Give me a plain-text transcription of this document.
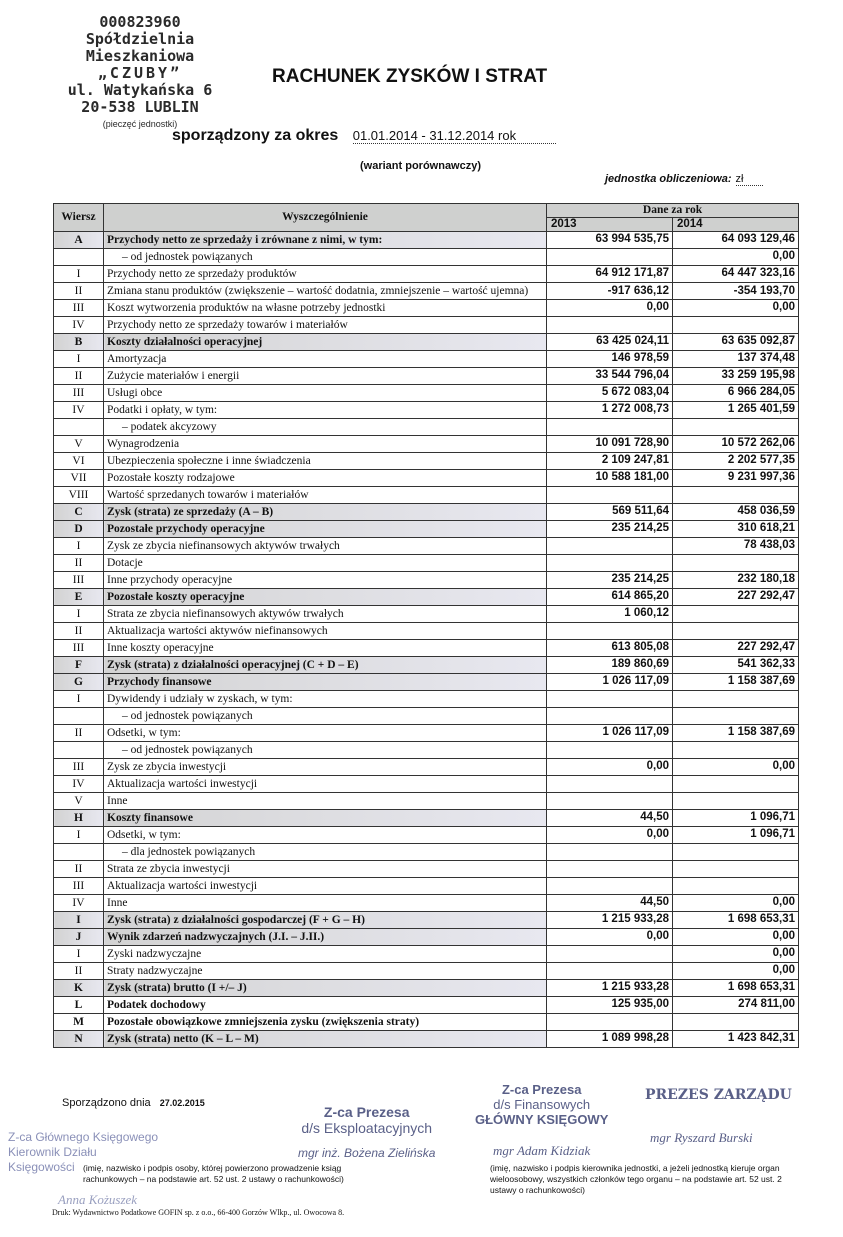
000823960
Spółdzielnia Mieszkaniowa
„CZUBY”
ul. Watykańska 6
20-538 LUBLIN
(pieczęć jednostki)
RACHUNEK ZYSKÓW I STRAT
sporządzony za okres 01.01.2014 - 31.12.2014 rok
(wariant porównawczy)
jednostka obliczeniowa: zł
Wiersz	Wyszczególnienie	Dane za rok	
		2013	2014
A	Przychody netto ze sprzedaży i zrównane z nimi, w tym:	63 994 535,75	64 093 129,46
	– od jednostek powiązanych		0,00
I	Przychody netto ze sprzedaży produktów	64 912 171,87	64 447 323,16
II	Zmiana stanu produktów (zwiększenie – wartość dodatnia, zmniejszenie – wartość ujemna)	-917 636,12	-354 193,70
III	Koszt wytworzenia produktów na własne potrzeby jednostki	0,00	0,00
IV	Przychody netto ze sprzedaży towarów i materiałów		
B	Koszty działalności operacyjnej	63 425 024,11	63 635 092,87
I	Amortyzacja	146 978,59	137 374,48
II	Zużycie materiałów i energii	33 544 796,04	33 259 195,98
III	Usługi obce	5 672 083,04	6 966 284,05
IV	Podatki i opłaty, w tym:	1 272 008,73	1 265 401,59
	– podatek akcyzowy		
V	Wynagrodzenia	10 091 728,90	10 572 262,06
VI	Ubezpieczenia społeczne i inne świadczenia	2 109 247,81	2 202 577,35
VII	Pozostałe koszty rodzajowe	10 588 181,00	9 231 997,36
VIII	Wartość sprzedanych towarów i materiałów		
C	Zysk (strata) ze sprzedaży (A – B)	569 511,64	458 036,59
D	Pozostałe przychody operacyjne	235 214,25	310 618,21
I	Zysk ze zbycia niefinansowych aktywów trwałych		78 438,03
II	Dotacje		
III	Inne przychody operacyjne	235 214,25	232 180,18
E	Pozostałe koszty operacyjne	614 865,20	227 292,47
I	Strata ze zbycia niefinansowych aktywów trwałych	1 060,12	
II	Aktualizacja wartości aktywów niefinansowych		
III	Inne koszty operacyjne	613 805,08	227 292,47
F	Zysk (strata) z działalności operacyjnej (C + D – E)	189 860,69	541 362,33
G	Przychody finansowe	1 026 117,09	1 158 387,69
I	Dywidendy i udziały w zyskach, w tym:		
	– od jednostek powiązanych		
II	Odsetki, w tym:	1 026 117,09	1 158 387,69
	– od jednostek powiązanych		
III	Zysk ze zbycia inwestycji	0,00	0,00
IV	Aktualizacja wartości inwestycji		
V	Inne		
H	Koszty finansowe	44,50	1 096,71
I	Odsetki, w tym:	0,00	1 096,71
	– dla jednostek powiązanych		
II	Strata ze zbycia inwestycji		
III	Aktualizacja wartości inwestycji		
IV	Inne	44,50	0,00
I	Zysk (strata) z działalności gospodarczej (F + G – H)	1 215 933,28	1 698 653,31
J	Wynik zdarzeń nadzwyczajnych (J.I. – J.II.)	0,00	0,00
I	Zyski nadzwyczajne		0,00
II	Straty nadzwyczajne		0,00
K	Zysk (strata) brutto (I +/– J)	1 215 933,28	1 698 653,31
L	Podatek dochodowy	125 935,00	274 811,00
M	Pozostałe obowiązkowe zmniejszenia zysku (zwiększenia straty)		
N	Zysk (strata) netto (K – L – M)	1 089 998,28	1 423 842,31
Sporządzono dnia 27.02.2015
Z-ca Głównego Księgowego
Kierownik Działu
Księgowości
Z-ca Prezesa
d/s Eksploatacyjnych
mgr inż. Bożena Zielińska
Z-ca Prezesa
d/s Finansowych
GŁÓWNY KSIĘGOWY
PREZES ZARZĄDU
mgr Ryszard Burski
mgr Adam Kidziak
(imię, nazwisko i podpis osoby, której powierzono prowadzenie ksiąg rachunkowych – na podstawie art. 52 ust. 2 ustawy o rachunkowości)
(imię, nazwisko i podpis kierownika jednostki, a jeżeli jednostką kieruje organ wieloosobowy, wszystkich członków tego organu – na podstawie art. 52 ust. 2 ustawy o rachunkowości)
Anna Kożuszek
Druk: Wydawnictwo Podatkowe GOFIN sp. z o.o., 66-400 Gorzów Wlkp., ul. Owocowa 8.
